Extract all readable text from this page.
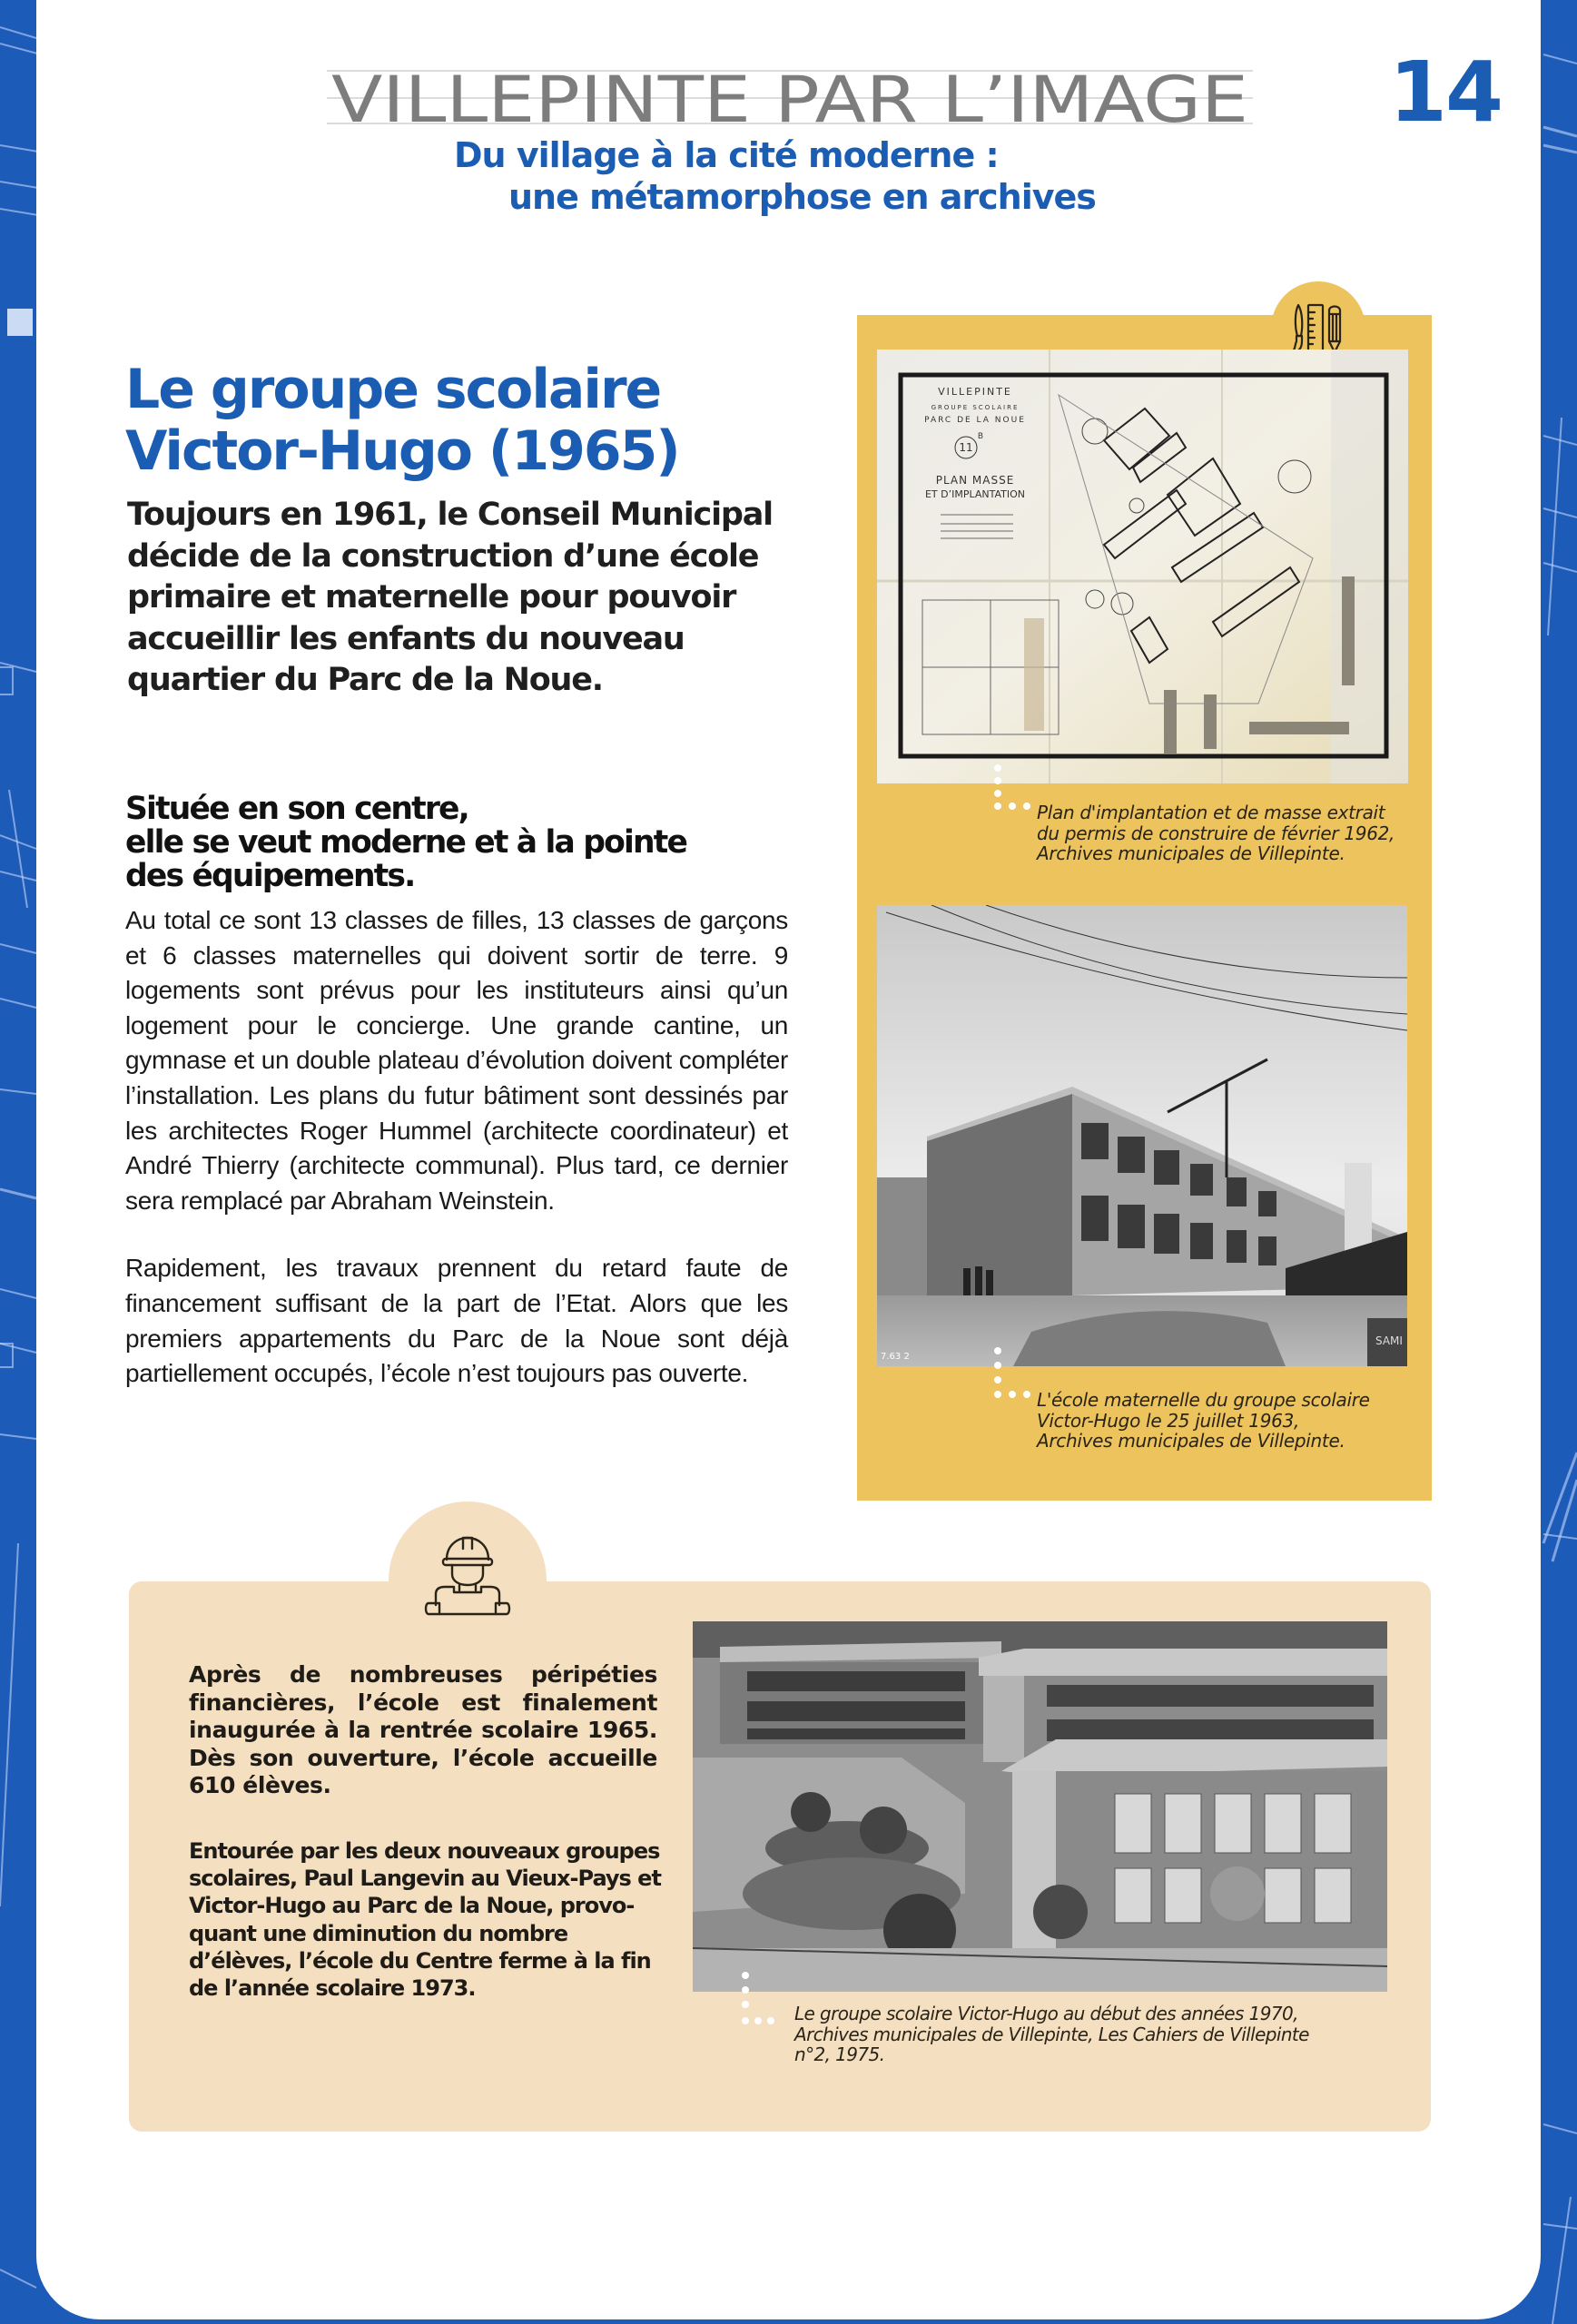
VILLEPINTE PAR L’IMAGE 14
Du village à la cité moderne :
une métamorphose en archives
Le groupe scolaire
Victor-Hugo (1965)
Toujours en 1961, le Conseil Municipal décide de la construction d’une école primaire et maternelle pour pouvoir accueillir les enfants du nouveau quartier du Parc de la Noue.
Située en son centre,
elle se veut moderne et à la pointe
des équipements.

Au total ce sont 13 classes de filles, 13 classes de garçons et 6 classes maternelles qui doivent sortir de terre. 9 logements sont prévus pour les instituteurs ainsi qu’un logement pour le concierge. Une grande cantine, un gymnase et un double plateau d’évolution doivent compléter l’installation. Les plans du futur bâtiment sont dessinés par les architectes Roger Hummel (architecte coordinateur) et André Thierry (architecte communal). Plus tard, ce dernier sera remplacé par Abraham Weinstein.

Rapidement, les travaux prennent du retard faute de financement suffisant de la part de l’Etat. Alors que les premiers appartements du Parc de la Noue sont déjà partiellement occupés, l’école n’est toujours pas ouverte.

VILLEPINTE
GROUPE SCOLAIRE
PARC DE LA NOUE
11
B
PLAN MASSE
ET D’IMPLANTATION
Plan d'implantation et de masse extrait
du permis de construire de février 1962,
Archives municipales de Villepinte.
SAMI
7.63 2
L'école maternelle du groupe scolaire
Victor-Hugo le 25 juillet 1963,
Archives municipales de Villepinte.
Après de nombreuses péripéties financières, l’école est finalement inaugurée à la rentrée scolaire 1965. Dès son ouverture, l’école accueille 610 élèves.
Entourée par les deux nouveaux groupes scolaires, Paul Langevin au Vieux-Pays et Victor-Hugo au Parc de la Noue, provo-quant une diminution du nombre d’élèves, l’école du Centre ferme à la fin de l’année scolaire 1973.
Le groupe scolaire Victor-Hugo au début des années 1970,
Archives municipales de Villepinte, Les Cahiers de Villepinte
n°2, 1975.
